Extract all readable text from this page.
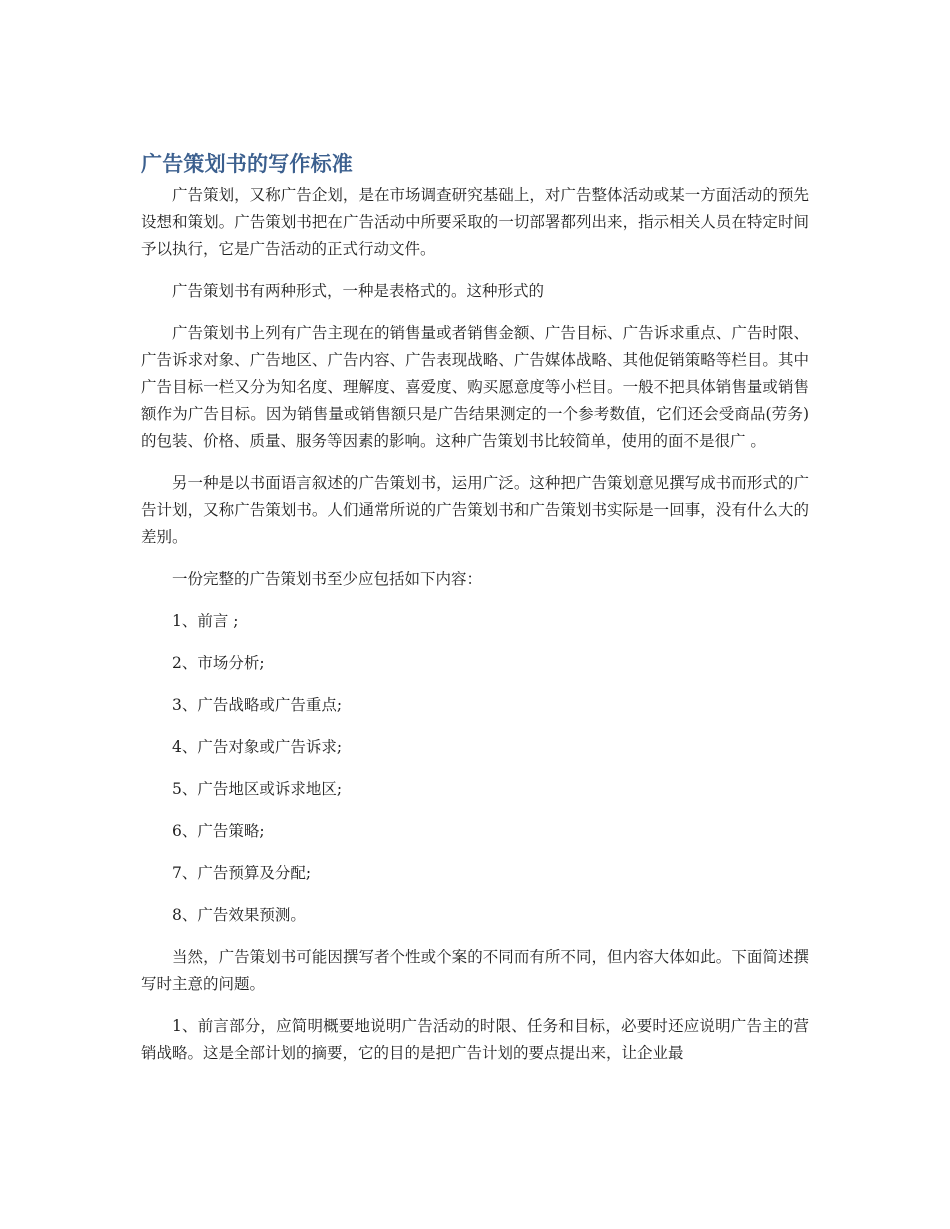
广告策划书的写作标准

广告策划，又称广告企划，是在市场调查研究基础上，对广告整体活动或某一方面活动的预先设想和策划。广告策划书把在广告活动中所要采取的一切部署都列出来，指示相关人员在特定时间予以执行，它是广告活动的正式行动文件。

广告策划书有两种形式，一种是表格式的。这种形式的

广告策划书上列有广告主现在的销售量或者销售金额、广告目标、广告诉求重点、广告时限、广告诉求对象、广告地区、广告内容、广告表现战略、广告媒体战略、其他促销策略等栏目。其中广告目标一栏又分为知名度、理解度、喜爱度、购买愿意度等小栏目。一般不把具体销售量或销售额作为广告目标。因为销售量或销售额只是广告结果测定的一个参考数值，它们还会受商品(劳务)的包装、价格、质量、服务等因素的影响。这种广告策划书比较简单，使用的面不是很广 。

另一种是以书面语言叙述的广告策划书，运用广泛。这种把广告策划意见撰写成书而形式的广告计划，又称广告策划书。人们通常所说的广告策划书和广告策划书实际是一回事，没有什么大的差别。

一份完整的广告策划书至少应包括如下内容：

1、前言 ;

2、市场分析;

3、广告战略或广告重点;

4、广告对象或广告诉求;

5、广告地区或诉求地区;

6、广告策略;

7、广告预算及分配;

8、广告效果预测。

当然，广告策划书可能因撰写者个性或个案的不同而有所不同，但内容大体如此。下面简述撰写时主意的问题。

1、前言部分，应简明概要地说明广告活动的时限、任务和目标，必要时还应说明广告主的营销战略。这是全部计划的摘要，它的目的是把广告计划的要点提出来，让企业最
